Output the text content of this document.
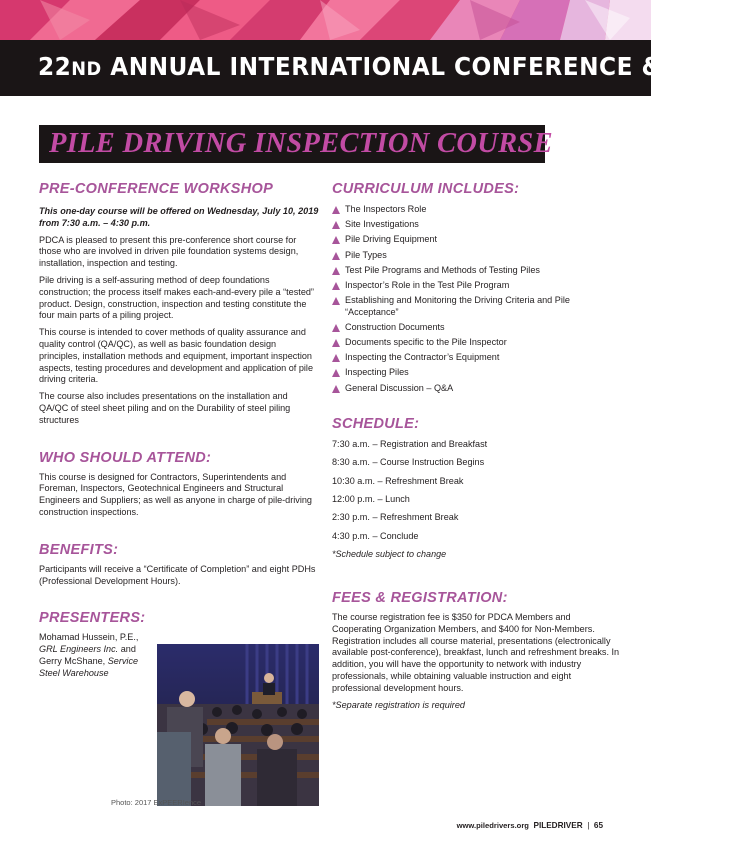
22ND ANNUAL INTERNATIONAL CONFERENCE & EXPO
PILE DRIVING INSPECTION COURSE
PRE-CONFERENCE WORKSHOP
This one-day course will be offered on Wednesday, July 10, 2019 from 7:30 a.m. – 4:30 p.m.
PDCA is pleased to present this pre-conference short course for those who are involved in driven pile foundation systems design, installation, inspection and testing.
Pile driving is a self-assuring method of deep foundations construction; the process itself makes each-and-every pile a “tested” product. Design, construction, inspection and testing constitute the four main parts of a piling project.
This course is intended to cover methods of quality assurance and quality control (QA/QC), as well as basic foundation design principles, installation methods and equipment, important inspection aspects, testing procedures and development and application of pile driving criteria.
The course also includes presentations on the installation and QA/QC of steel sheet piling and on the Durability of steel piling structures
WHO SHOULD ATTEND:
This course is designed for Contractors, Superintendents and Foreman, Inspectors, Geotechnical Engineers and Structural Engineers and Suppliers; as well as anyone in charge of pile-driving construction inspections.
BENEFITS:
Participants will receive a “Certificate of Completion” and eight PDHs (Professional Development Hours).
PRESENTERS:
Mohamad Hussein, P.E.,
GRL Engineers Inc. and
Gerry McShane, Service Steel Warehouse
Photo: 2017 ExPEERIence
CURRICULUM INCLUDES:
The Inspectors Role
Site Investigations
Pile Driving Equipment
Pile Types
Test Pile Programs and Methods of Testing Piles
Inspector’s Role in the Test Pile Program
Establishing and Monitoring the Driving Criteria and Pile “Acceptance”
Construction Documents
Documents specific to the Pile Inspector
Inspecting the Contractor’s Equipment
Inspecting Piles
General Discussion – Q&A
SCHEDULE:
7:30 a.m. – Registration and Breakfast
8:30 a.m. – Course Instruction Begins
10:30 a.m. – Refreshment Break
12:00 p.m. – Lunch
2:30 p.m. – Refreshment Break
4:30 p.m. – Conclude
*Schedule subject to change
FEES & REGISTRATION:
The course registration fee is $350 for PDCA Members and Cooperating Organization Members, and $400 for Non-Members. Registration includes all course material, presentations (electronically available post-conference), breakfast, lunch and refreshment breaks. In addition, you will have the opportunity to network with industry professionals, while obtaining valuable instruction and eight professional development hours.
*Separate registration is required
www.piledrivers.org PILEDRIVER | 65
